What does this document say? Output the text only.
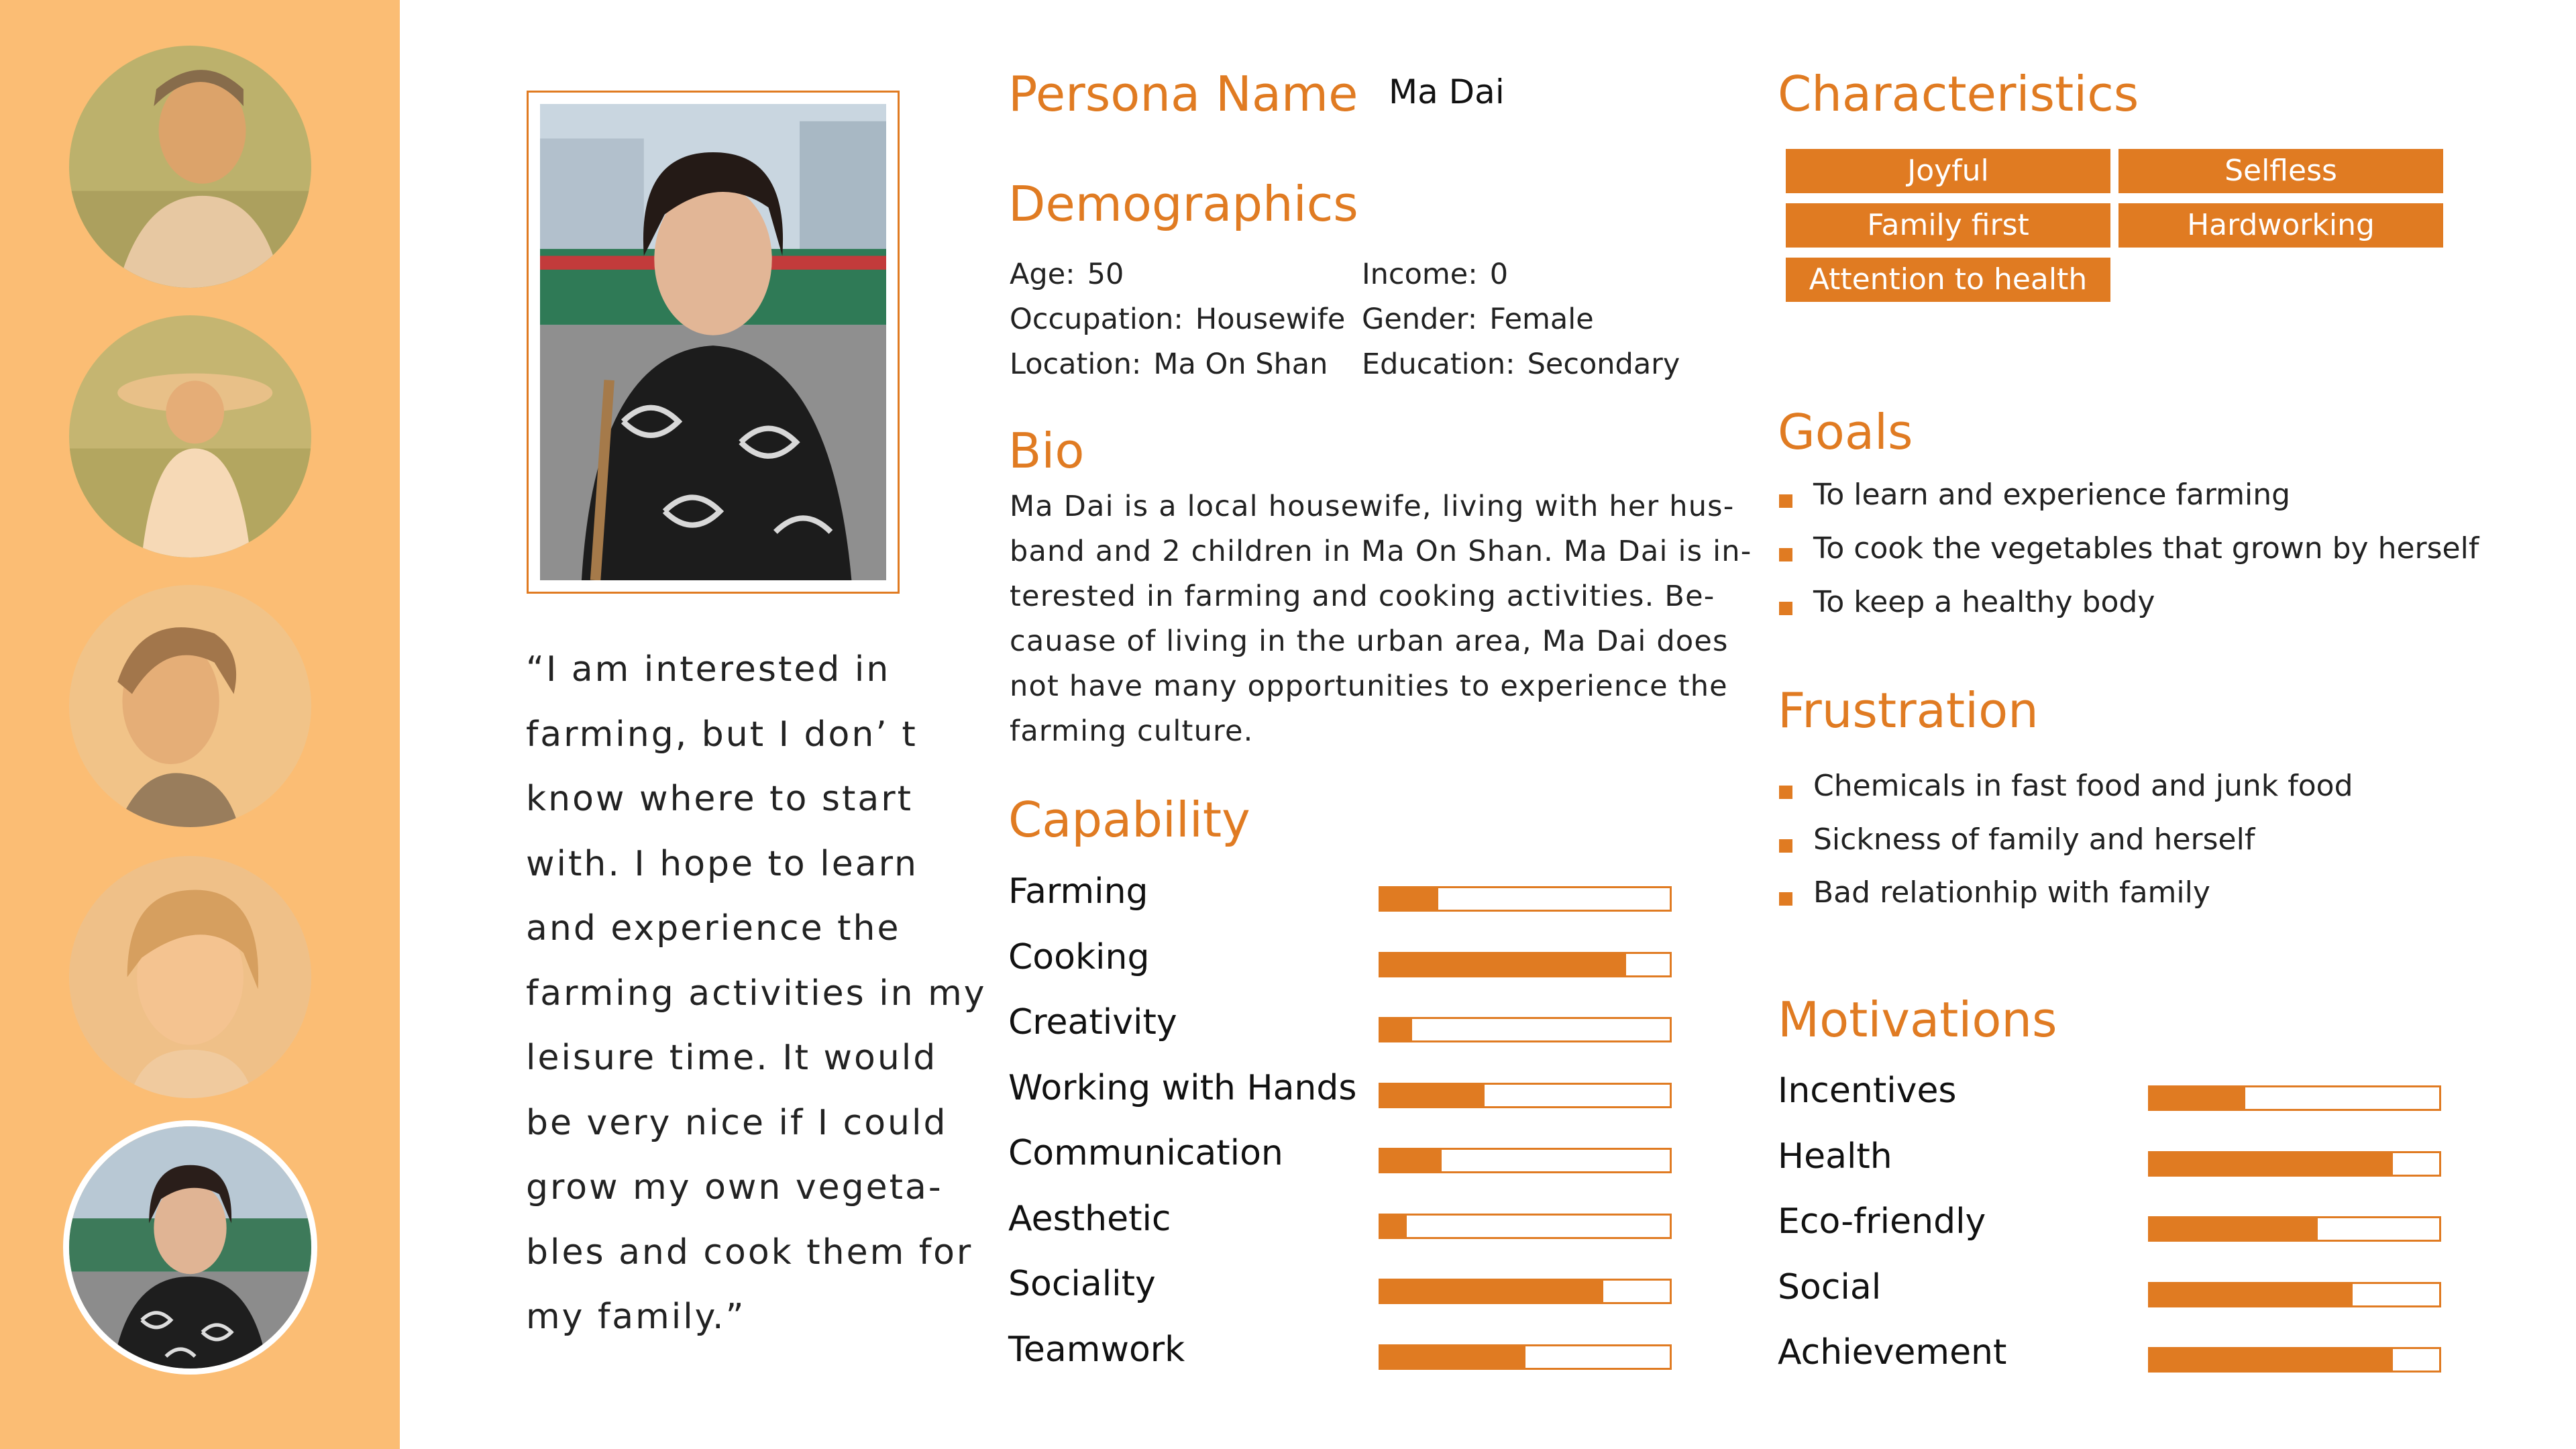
“I am interested in
farming, but I don’ t
know where to start
with. I hope to learn
and experience the
farming activities in my
leisure time. It would
be very nice if I could
grow my own vegeta-
bles and cook them for
my family.”
Persona Name Ma Dai
Demographics
Age: 50	Income: 0
Occupation: Housewife Gender: Female
Location: Ma On Shan Education: Secondary
Bio
Ma Dai is a local housewife, living with her hus-
band and 2 children in Ma On Shan. Ma Dai is in-
terested in farming and cooking activities. Be-
cauase of living in the urban area, Ma Dai does
not have many opportunities to experience the
farming culture.
Capability
Farming
Cooking
Creativity
Working with Hands
Communication
Aesthetic
Sociality
Teamwork
Characteristics
Joyful	Selfless
Family first	Hardworking
Attention to health
Goals
To learn and experience farming
To cook the vegetables that grown by herself
To keep a healthy body
Frustration
Chemicals in fast food and junk food
Sickness of family and herself
Bad relationhip with family
Motivations
Incentives
Health
Eco-friendly
Social
Achievement
